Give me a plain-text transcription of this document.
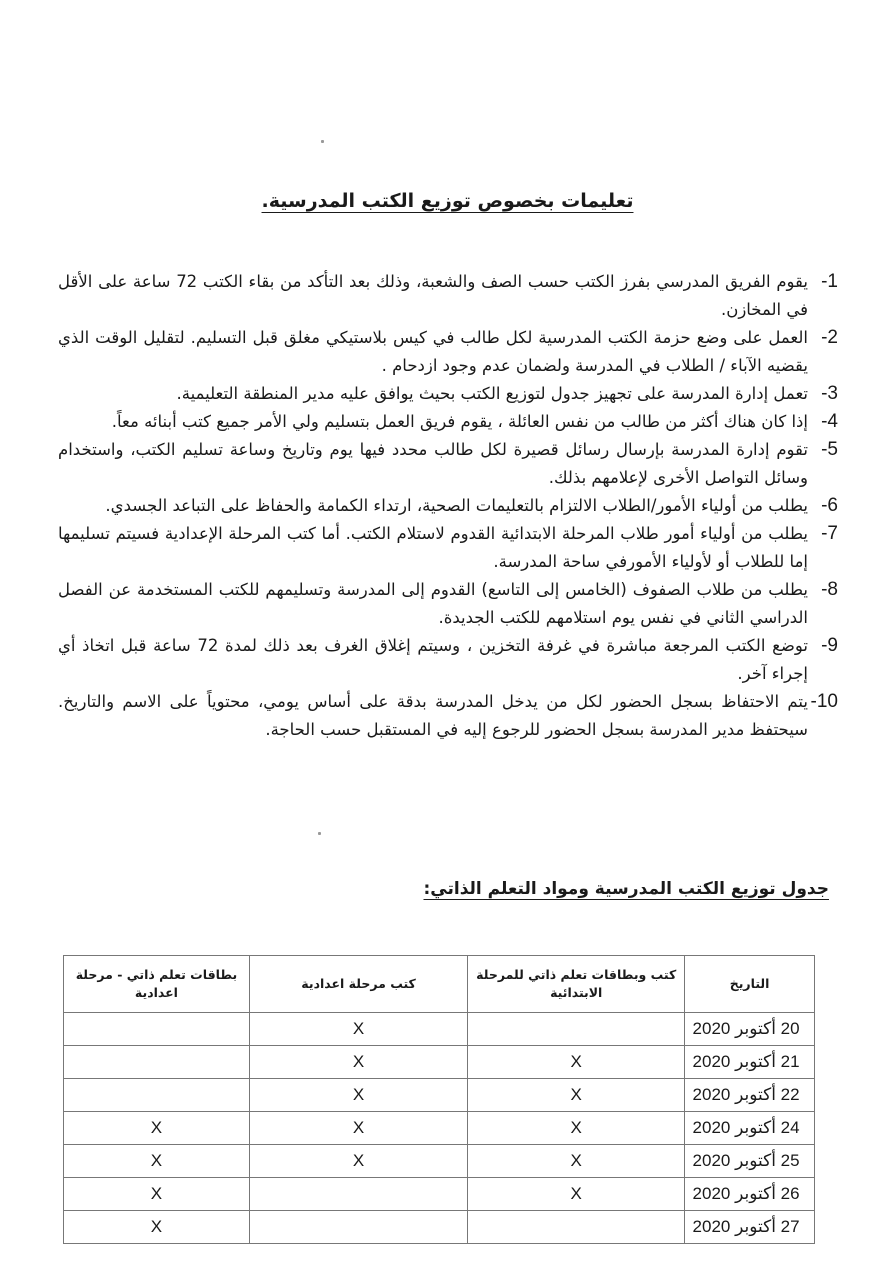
تعليمات بخصوص توزيع الكتب المدرسية.
1-
يقوم الفريق المدرسي بفرز الكتب حسب الصف والشعبة، وذلك بعد التأكد من بقاء الكتب 72 ساعة على الأقل في المخازن.
2-
العمل على وضع حزمة الكتب المدرسية لكل طالب في كيس بلاستيكي مغلق قبل التسليم. لتقليل الوقت الذي يقضيه الآباء / الطلاب في المدرسة ولضمان عدم وجود ازدحام .
3-
تعمل إدارة المدرسة على تجهيز جدول لتوزيع الكتب بحيث يوافق عليه مدير المنطقة التعليمية.
4-
إذا كان هناك أكثر من طالب من نفس العائلة ، يقوم فريق العمل بتسليم ولي الأمر جميع كتب أبنائه معاً.
5-
تقوم إدارة المدرسة بإرسال رسائل قصيرة لكل طالب محدد فيها يوم وتاريخ وساعة تسليم الكتب، واستخدام وسائل التواصل الأخرى لإعلامهم بذلك.
6-
يطلب من أولياء الأمور/الطلاب الالتزام بالتعليمات الصحية، ارتداء الكمامة والحفاظ على التباعد الجسدي.
7-
يطلب من أولياء أمور طلاب المرحلة الابتدائية القدوم لاستلام الكتب. أما كتب المرحلة الإعدادية فسيتم تسليمها إما للطلاب أو لأولياء الأمورفي ساحة المدرسة.
8-
يطلب من طلاب الصفوف (الخامس إلى التاسع) القدوم إلى المدرسة وتسليمهم للكتب المستخدمة عن الفصل الدراسي الثاني في نفس يوم استلامهم للكتب الجديدة.
9-
توضع الكتب المرجعة مباشرة في غرفة التخزين ، وسيتم إغلاق الغرف بعد ذلك لمدة 72 ساعة قبل اتخاذ أي إجراء آخر.
10-
يتم الاحتفاظ بسجل الحضور لكل من يدخل المدرسة بدقة على أساس يومي، محتوياً على الاسم والتاريخ. سيحتفظ مدير المدرسة بسجل الحضور للرجوع إليه في المستقبل حسب الحاجة.
جدول توزيع الكتب المدرسية ومواد التعلم الذاتي:
التاريخ	كتب وبطاقات تعلم ذاتي للمرحلة الابتدائية	كتب مرحلة اعدادية	بطاقات تعلم ذاتي - مرحلة اعدادية
20 أكتوبر 2020		X	
21 أكتوبر 2020	X	X	
22 أكتوبر 2020	X	X	
24 أكتوبر 2020	X	X	X
25 أكتوبر 2020	X	X	X
26 أكتوبر 2020	X		X
27 أكتوبر 2020			X
